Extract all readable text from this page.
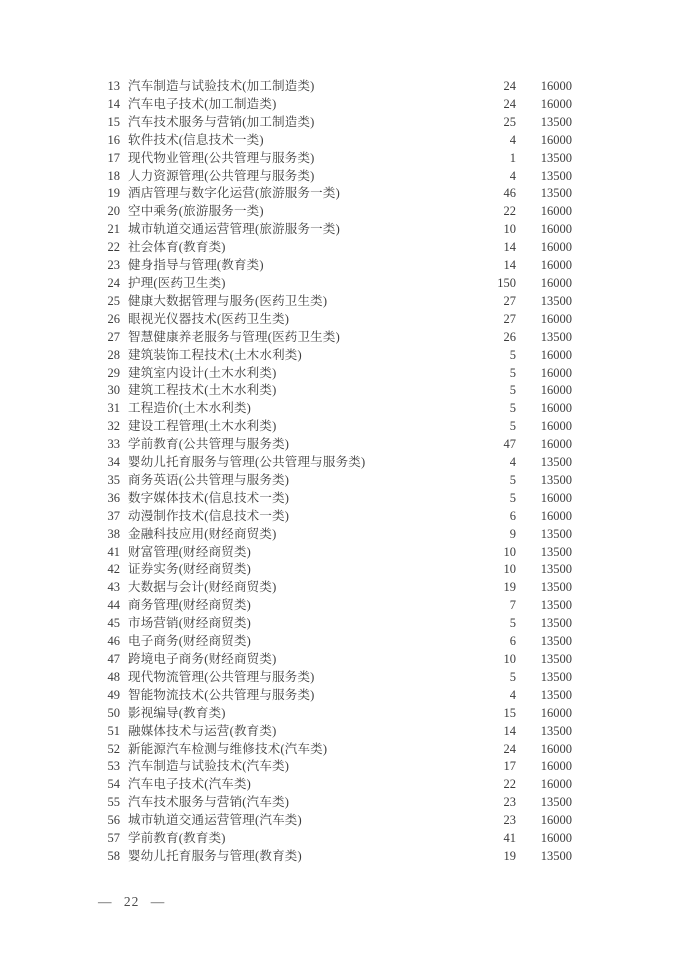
13 汽车制造与试验技术(加工制造类)	24	16000
14 汽车电子技术(加工制造类)	24	16000
15 汽车技术服务与营销(加工制造类)	25	13500
16 软件技术(信息技术一类)	4	16000
17 现代物业管理(公共管理与服务类)	1	13500
18 人力资源管理(公共管理与服务类)	4	13500
19 酒店管理与数字化运营(旅游服务一类)	46	13500
20 空中乘务(旅游服务一类)	22	16000
21 城市轨道交通运营管理(旅游服务一类)	10	16000
22 社会体育(教育类)	14	16000
23 健身指导与管理(教育类)	14	16000
24 护理(医药卫生类)	150	16000
25 健康大数据管理与服务(医药卫生类)	27	13500
26 眼视光仪器技术(医药卫生类)	27	16000
27 智慧健康养老服务与管理(医药卫生类)	26	13500
28 建筑装饰工程技术(土木水利类)	5	16000
29 建筑室内设计(土木水利类)	5	16000
30 建筑工程技术(土木水利类)	5	16000
31 工程造价(土木水利类)	5	16000
32 建设工程管理(土木水利类)	5	16000
33 学前教育(公共管理与服务类)	47	16000
34 婴幼儿托育服务与管理(公共管理与服务类)	4	13500
35 商务英语(公共管理与服务类)	5	13500
36 数字媒体技术(信息技术一类)	5	16000
37 动漫制作技术(信息技术一类)	6	16000
38 金融科技应用(财经商贸类)	9	13500
41 财富管理(财经商贸类)	10	13500
42 证券实务(财经商贸类)	10	13500
43 大数据与会计(财经商贸类)	19	13500
44 商务管理(财经商贸类)	7	13500
45 市场营销(财经商贸类)	5	13500
46 电子商务(财经商贸类)	6	13500
47 跨境电子商务(财经商贸类)	10	13500
48 现代物流管理(公共管理与服务类)	5	13500
49 智能物流技术(公共管理与服务类)	4	13500
50 影视编导(教育类)	15	16000
51 融媒体技术与运营(教育类)	14	13500
52 新能源汽车检测与维修技术(汽车类)	24	16000
53 汽车制造与试验技术(汽车类)	17	16000
54 汽车电子技术(汽车类)	22	16000
55 汽车技术服务与营销(汽车类)	23	13500
56 城市轨道交通运营管理(汽车类)	23	16000
57 学前教育(教育类)	41	16000
58 婴幼儿托育服务与管理(教育类)	19	13500
— 22 —
